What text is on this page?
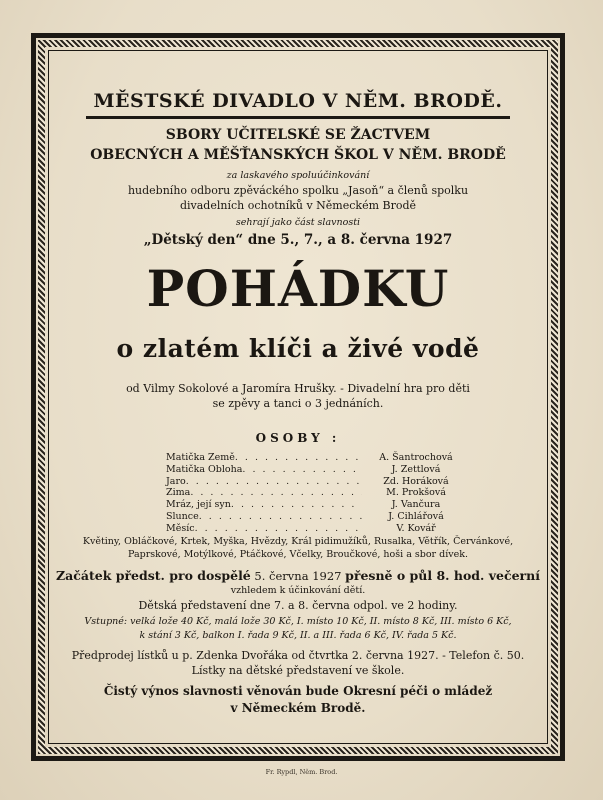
MĚSTSKÉ DIVADLO V NĚM. BRODĚ.
SBORY UČITELSKÉ SE ŽACTVEM
OBECNÝCH A MĚŠŤANSKÝCH ŠKOL V NĚM. BRODĚ
za laskavého spoluúčinkování
hudebního odboru zpěváckého spolku „Jasoň“ a členů spolku
divadelních ochotníků v Německém Brodě
sehrají jako část slavnosti
„Dětský den“ dne 5., 7., a 8. června 1927
POHÁDKU
o zlatém klíči a živé vodě
od Vilmy Sokolové a Jaromíra Hrušky. - Divadelní hra pro děti
se zpěvy a tanci o 3 jednáních.
OSOBY :
Matička Země . . .	A. Šantrochová
Matička Obloha . . .	J. Zettlová
Jaro . . .	Zd. Horáková
Zima . . .	M. Prokšová
Mráz, její syn . . .	J. Vančura
Slunce . . .	J. Cihlářová
Měsíc . . .	V. Kovář
Květiny, Obláčkové, Krtek, Myška, Hvězdy, Král pidimužíků, Rusalka, Větřík, Červánkové,
Paprskové, Motýlkové, Ptáčkové, Včelky, Broučkové, hoši a sbor dívek.
Začátek předst. pro dospělé 5. června 1927 přesně o půl 8. hod. večerní
vzhledem k účinkování dětí.
Dětská představení dne 7. a 8. června odpol. ve 2 hodiny.
Vstupné: velká lože 40 Kč, malá lože 30 Kč, I. místo 10 Kč, II. místo 8 Kč, III. místo 6 Kč,
k stání 3 Kč, balkon I. řada 9 Kč, II. a III. řada 6 Kč, IV. řada 5 Kč.
Předprodej lístků u p. Zdenka Dvořáka od čtvrtka 2. června 1927. - Telefon č. 50.
Lístky na dětské představení ve škole.
Čistý výnos slavnosti věnován bude Okresní péči o mládež
v Německém Brodě.
Fr. Rypdl, Něm. Brod.
